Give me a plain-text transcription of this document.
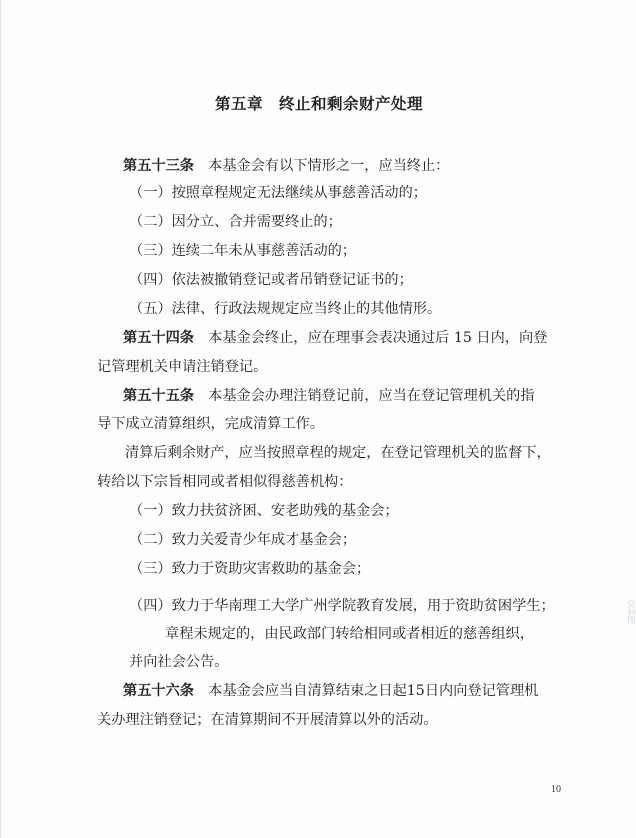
第五章　终止和剩余财产处理
第五十三条　 本基金会有以下情形之一，应当终止：
（一）按照章程规定无法继续从事慈善活动的；
（二）因分立、合并需要终止的；
（三）连续二年未从事慈善活动的；
（四）依法被撤销登记或者吊销登记证书的；
（五）法律、行政法规规定应当终止的其他情形。
第五十四条　 本基金会终止，应在理事会表决通过后 15 日内，向登
记管理机关申请注销登记。
第五十五条　 本基金会办理注销登记前，应当在登记管理机关的指
导下成立清算组织，完成清算工作。
清算后剩余财产，应当按照章程的规定，在登记管理机关的监督下，
转给以下宗旨相同或者相似得慈善机构：
（一）致力扶贫济困、安老助残的基金会；
（二）致力关爱青少年成才基金会；
（三）致力于资助灾害救助的基金会；
（四）致力于华南理工大学广州学院教育发展，用于资助贫困学生；
章程未规定的，由民政部门转给相同或者相近的慈善组织，
并向社会公告。
第五十六条　 本基金会应当自清算结束之日起15日内向登记管理机
关办理注销登记；在清算期间不开展清算以外的活动。
10
资料图
